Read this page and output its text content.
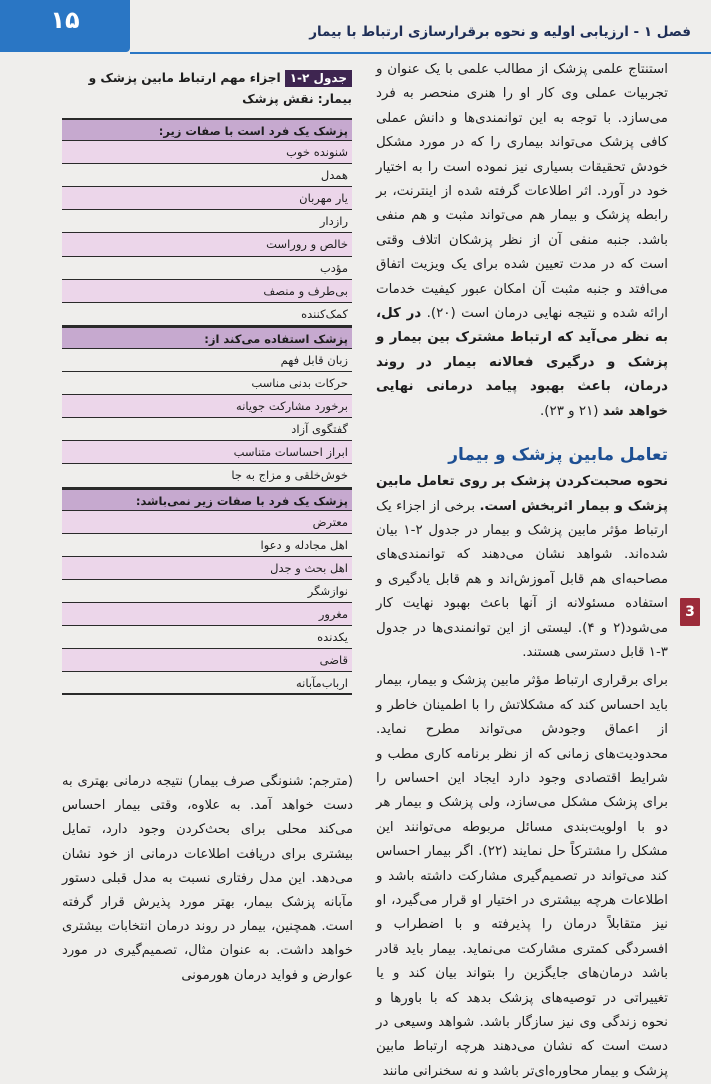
۱۵	فصل ۱ - ارزیابی اولیه و نحوه برقرارسازی ارتباط با بیمار

استنتاج علمی پزشک از مطالب علمی با یک عنوان و تجربیات عملی وی کار او را هنری منحصر به فرد می‌سازد. با توجه به این توانمندی‌ها و دانش عملی کافی پزشک می‌تواند بیماری را که در مورد مشکل خودش تحقیقات بسیاری نیز نموده است را به اختیار خود در آورد. اثر اطلاعات گرفته شده از اینترنت، بر رابطه پزشک و بیمار هم می‌تواند مثبت و هم منفی باشد. جنبه منفی آن از نظر پزشکان اتلاف وقتی است که در مدت تعیین شده برای یک ویزیت اتفاق می‌افتد و جنبه مثبت آن امکان عبور کیفیت خدمات ارائه شده و نتیجه نهایی درمان است (۲۰). در کل، به نظر می‌آید که ارتباط مشترک بین بیمار و پزشک و درگیری فعالانه بیمار در روند درمان، باعث بهبود پیامد درمانی نهایی خواهد شد (۲۱ و ۲۳).

تعامل مابین پزشک و بیمار

نحوه صحبت‌کردن پزشک بر روی تعامل مابین پزشک و بیمار اثربخش است. برخی از اجزاء یک ارتباط مؤثر مابین پزشک و بیمار در جدول ۲-۱ بیان شده‌اند. شواهد نشان می‌دهند که توانمندی‌های مصاحبه‌ای هم قابل آموزش‌اند و هم قابل یادگیری و استفاده مسئولانه از آنها باعث بهبود نهایت کار می‌شود(۲ و ۴). لیستی از این توانمندی‌ها در جدول ۳-۱ قابل دسترسی هستند.

برای برقراری ارتباط مؤثر مابین پزشک و بیمار، بیمار باید احساس کند که مشکلاتش را با اطمینان خاطر و از اعماق وجودش می‌تواند مطرح نماید. محدودیت‌های زمانی که از نظر برنامه کاری مطب و شرایط اقتصادی وجود دارد ایجاد این احساس را برای پزشک مشکل می‌سازد، ولی پزشک و بیمار هر دو با اولویت‌بندی مسائل مربوطه می‌توانند این مشکل را مشترکاً حل نمایند (۲۲). اگر بیمار احساس کند می‌تواند در تصمیم‌گیری مشارکت داشته باشد و اطلاعات هرچه بیشتری در اختیار او قرار می‌گیرد، او نیز متقابلاً درمان را پذیرفته و با اضطراب و افسردگی کمتری مشارکت می‌نماید. بیمار باید قادر باشد درمان‌های جایگزین را بتواند بیان کند و یا تغییراتی در توصیه‌های پزشک بدهد که با باورها و نحوه زندگی وی نیز سازگار باشد. شواهد وسیعی در دست است که نشان می‌دهند هرچه ارتباط مابین پزشک و بیمار محاوره‌ای‌تر باشد و نه سخنرانی مانند

3
جدول ۲-۱اجزاء مهم ارتباط مابین پزشک و بیمار: نقش پزشک
پزشک یک فرد است با صفات زیر:
شنونده خوب
همدل
یار مهربان
رازدار
خالص و روراست
مؤدب
بی‌طرف و منصف
کمک‌کننده
پزشک استفاده می‌کند از:
زبان قابل فهم
حرکات بدنی مناسب
برخورد مشارکت جویانه
گفتگوی آزاد
ابراز احساسات متناسب
خوش‌خلقی و مزاج به جا
پزشک یک فرد با صفات زیر نمی‌باشد:
معترض
اهل مجادله و دعوا
اهل بحث و جدل
نوازشگر
مغرور
یکدنده
قاضی
ارباب‌مآبانه

(مترجم: شنونگی صرف بیمار) نتیجه درمانی بهتری به دست خواهد آمد. به علاوه، وقتی بیمار احساس می‌کند محلی برای بحث‌کردن وجود دارد، تمایل بیشتری برای دریافت اطلاعات درمانی از خود نشان می‌دهد. این مدل رفتاری نسبت به مدل قبلی دستور مآبانه پزشک بیمار، بهتر مورد پذیرش قرار گرفته است. همچنین، بیمار در روند درمان انتخابات بیشتری خواهد داشت. به عنوان مثال، تصمیم‌گیری در مورد عوارض و فواید درمان هورمونی
